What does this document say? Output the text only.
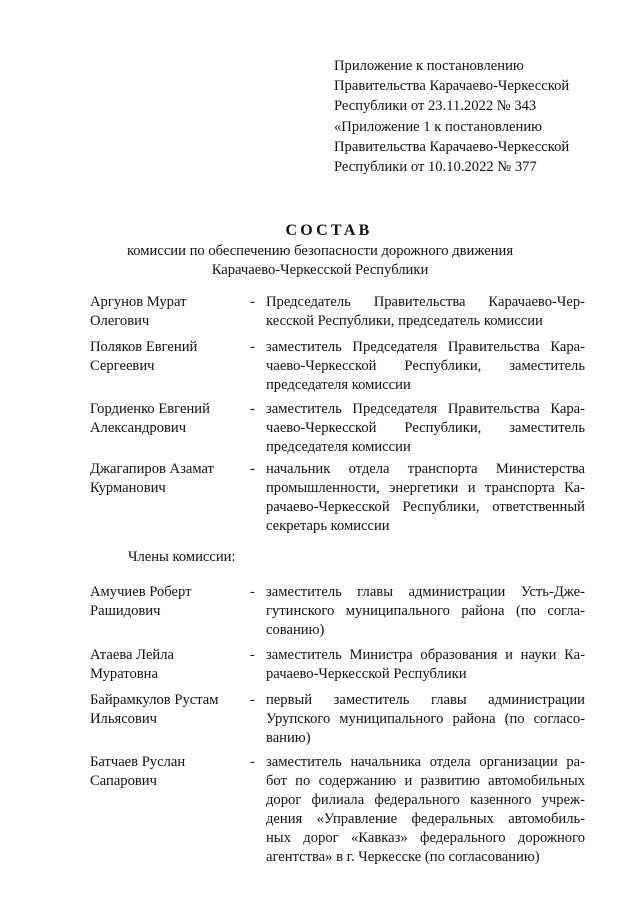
Приложение к постановлению
Правительства Карачаево-Черкесской
Республики от 23.11.2022 № 343
«Приложение 1 к постановлению
Правительства Карачаево-Черкесской
Республики от 10.10.2022 № 377
СОСТАВ
комиссии по обеспечению безопасности дорожного движения
Карачаево-Черкесской Республики
Аргунов Мурат
Олегович
- Председатель Правительства Карачаево-Чер-
кесской Республики, председатель комиссии
Поляков Евгений
Сергеевич
- заместитель Председателя Правительства Кара-
чаево-Черкесской Республики, заместитель
председателя комиссии
Гордиенко Евгений
Александрович
- заместитель Председателя Правительства Кара-
чаево-Черкесской Республики, заместитель
председателя комиссии
Джагапиров Азамат
Курманович
- начальник отдела транспорта Министерства
промышленности, энергетики и транспорта Ка-
рачаево-Черкесской Республики, ответственный
секретарь комиссии
Члены комиссии:
Амучиев Роберт
Рашидович
- заместитель главы администрации Усть-Дже-
гутинского муниципального района (по согла-
сованию)
Атаева Лейла
Муратовна
- заместитель Министра образования и науки Ка-
рачаево-Черкесской Республики
Байрамкулов Рустам
Ильясович
- первый заместитель главы администрации
Урупского муниципального района (по согласо-
ванию)
Батчаев Руслан
Сапарович
- заместитель начальника отдела организации ра-
бот по содержанию и развитию автомобильных
дорог филиала федерального казенного учреж-
дения «Управление федеральных автомобиль-
ных дорог «Кавказ» федерального дорожного
агентства» в г. Черкесске (по согласованию)
